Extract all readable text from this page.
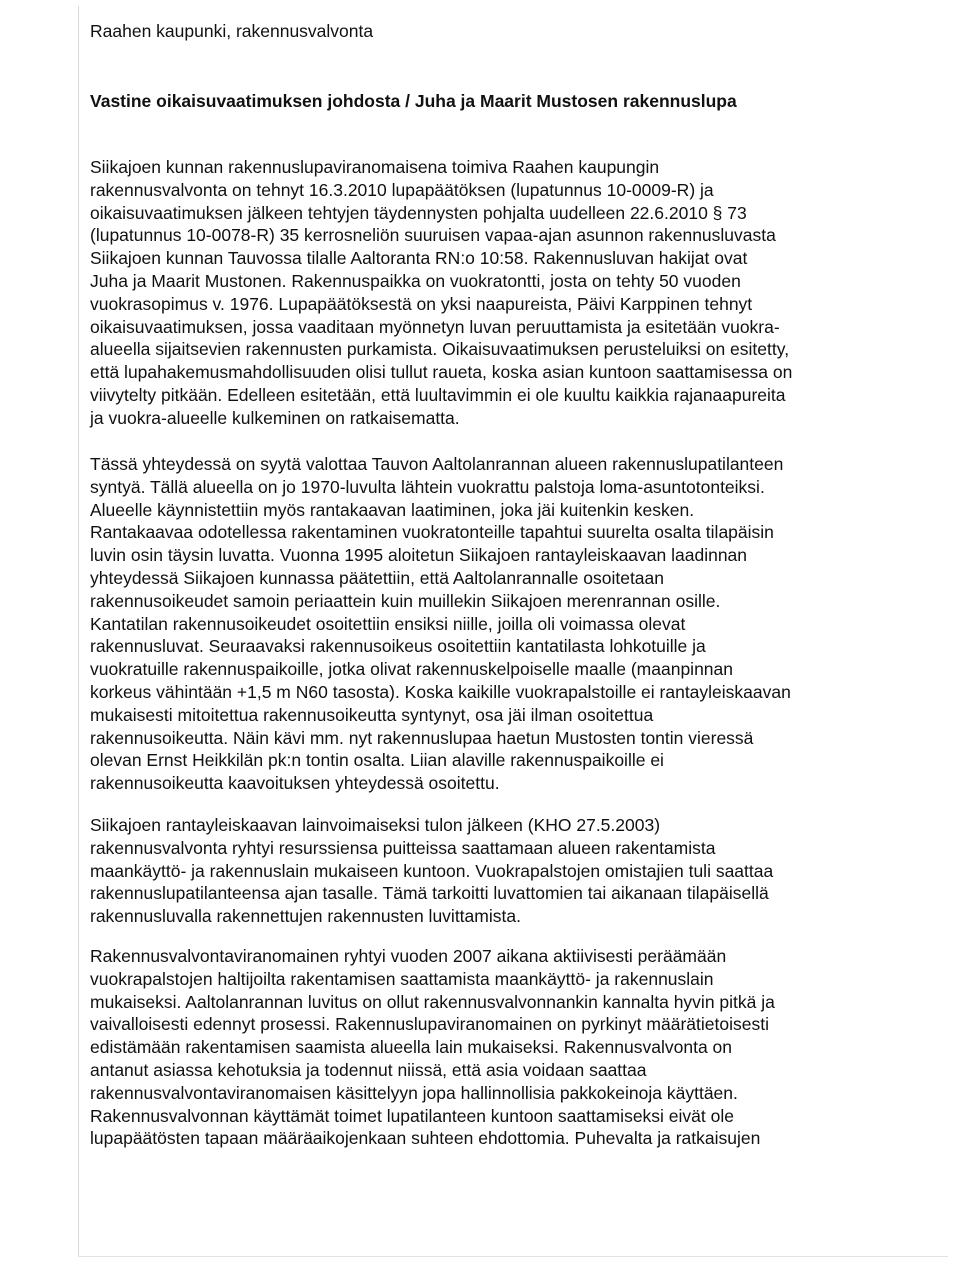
Raahen kaupunki, rakennusvalvonta

Vastine oikaisuvaatimuksen johdosta / Juha ja Maarit Mustosen rakennuslupa

Siikajoen kunnan rakennuslupaviranomaisena toimiva Raahen kaupungin
rakennusvalvonta on tehnyt 16.3.2010 lupapäätöksen (lupatunnus 10-0009-R) ja
oikaisuvaatimuksen jälkeen tehtyjen täydennysten pohjalta uudelleen 22.6.2010 § 73
(lupatunnus 10-0078-R) 35 kerrosneliön suuruisen vapaa-ajan asunnon rakennusluvasta
Siikajoen kunnan Tauvossa tilalle Aaltoranta RN:o 10:58. Rakennusluvan hakijat ovat
Juha ja Maarit Mustonen. Rakennuspaikka on vuokratontti, josta on tehty 50 vuoden
vuokrasopimus v. 1976. Lupapäätöksestä on yksi naapureista, Päivi Karppinen tehnyt
oikaisuvaatimuksen, jossa vaaditaan myönnetyn luvan peruuttamista ja esitetään vuokra-
alueella sijaitsevien rakennusten purkamista. Oikaisuvaatimuksen perusteluiksi on esitetty,
että lupahakemusmahdollisuuden olisi tullut raueta, koska asian kuntoon saattamisessa on
viivytelty pitkään. Edelleen esitetään, että luultavimmin ei ole kuultu kaikkia rajanaapureita
ja vuokra-alueelle kulkeminen on ratkaisematta.

Tässä yhteydessä on syytä valottaa Tauvon Aaltolanrannan alueen rakennuslupatilanteen
syntyä. Tällä alueella on jo 1970-luvulta lähtein vuokrattu palstoja loma-asuntotonteiksi.
Alueelle käynnistettiin myös rantakaavan laatiminen, joka jäi kuitenkin kesken.
Rantakaavaa odotellessa rakentaminen vuokratonteille tapahtui suurelta osalta tilapäisin
luvin osin täysin luvatta. Vuonna 1995 aloitetun Siikajoen rantayleiskaavan laadinnan
yhteydessä Siikajoen kunnassa päätettiin, että Aaltolanrannalle osoitetaan
rakennusoikeudet samoin periaattein kuin muillekin Siikajoen merenrannan osille.
Kantatilan rakennusoikeudet osoitettiin ensiksi niille, joilla oli voimassa olevat
rakennusluvat. Seuraavaksi rakennusoikeus osoitettiin kantatilasta lohkotuille ja
vuokratuille rakennuspaikoille, jotka olivat rakennuskelpoiselle maalle (maanpinnan
korkeus vähintään +1,5 m N60 tasosta). Koska kaikille vuokrapalstoille ei rantayleiskaavan
mukaisesti mitoitettua rakennusoikeutta syntynyt, osa jäi ilman osoitettua
rakennusoikeutta. Näin kävi mm. nyt rakennuslupaa haetun Mustosten tontin vieressä
olevan Ernst Heikkilän pk:n tontin osalta. Liian alaville rakennuspaikoille ei
rakennusoikeutta kaavoituksen yhteydessä osoitettu.

Siikajoen rantayleiskaavan lainvoimaiseksi tulon jälkeen (KHO 27.5.2003)
rakennusvalvonta ryhtyi resurssiensa puitteissa saattamaan alueen rakentamista
maankäyttö- ja rakennuslain mukaiseen kuntoon. Vuokrapalstojen omistajien tuli saattaa
rakennuslupatilanteensa ajan tasalle. Tämä tarkoitti luvattomien tai aikanaan tilapäisellä
rakennusluvalla rakennettujen rakennusten luvittamista.

Rakennusvalvontaviranomainen ryhtyi vuoden 2007 aikana aktiivisesti peräämään
vuokrapalstojen haltijoilta rakentamisen saattamista maankäyttö- ja rakennuslain
mukaiseksi. Aaltolanrannan luvitus on ollut rakennusvalvonnankin kannalta hyvin pitkä ja
vaivalloisesti edennyt prosessi. Rakennuslupaviranomainen on pyrkinyt määrätietoisesti
edistämään rakentamisen saamista alueella lain mukaiseksi. Rakennusvalvonta on
antanut asiassa kehotuksia ja todennut niissä, että asia voidaan saattaa
rakennusvalvontaviranomaisen käsittelyyn jopa hallinnollisia pakkokeinoja käyttäen.
Rakennusvalvonnan käyttämät toimet lupatilanteen kuntoon saattamiseksi eivät ole
lupapäätösten tapaan määräaikojenkaan suhteen ehdottomia. Puhevalta ja ratkaisujen
